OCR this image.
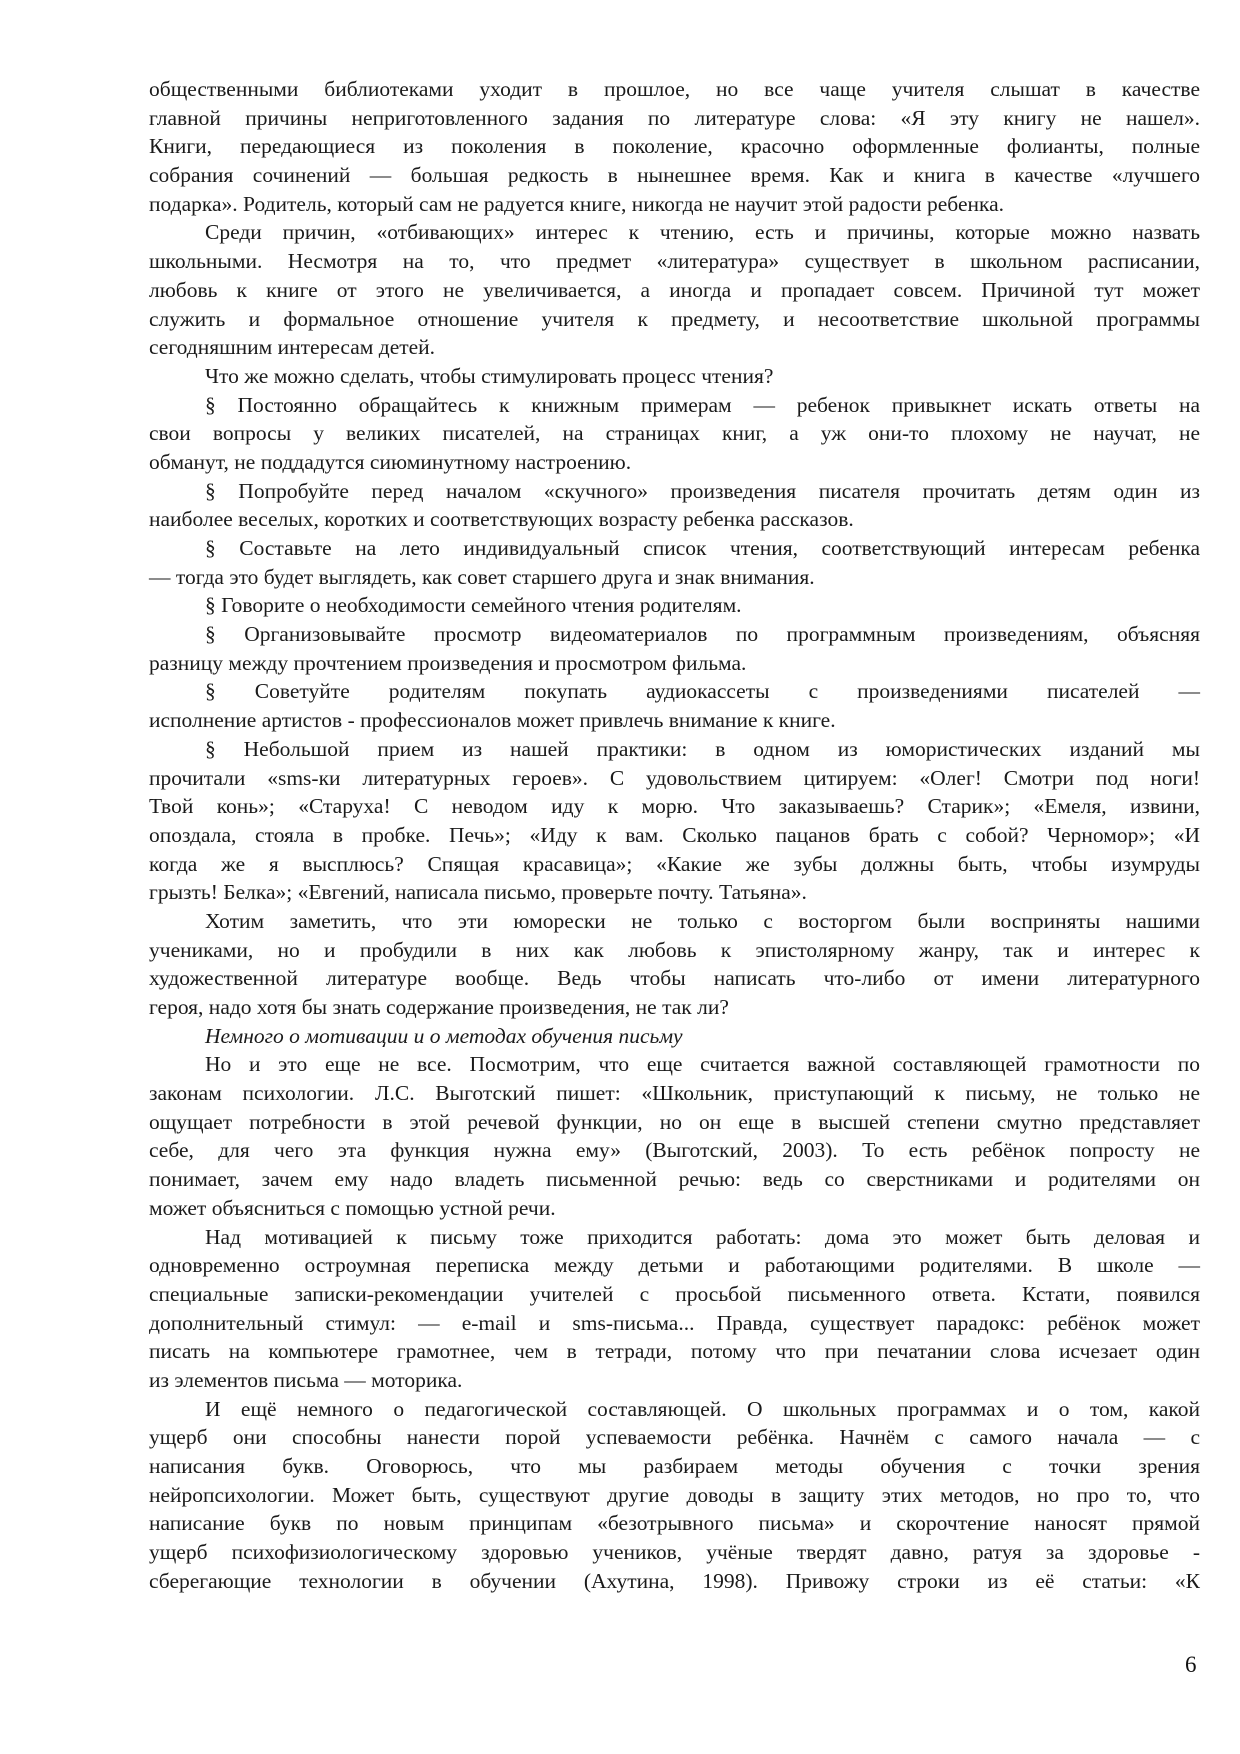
общественными библиотеками уходит в прошлое, но все чаще учителя слышат в качестве
главной причины неприготовленного задания по литературе слова: «Я эту книгу не нашел».
Книги, передающиеся из поколения в поколение, красочно оформленные фолианты, полные
собрания сочинений — большая редкость в нынешнее время. Как и книга в качестве «лучшего
подарка». Родитель, который сам не радуется книге, никогда не научит этой радости ребенка.
Среди причин, «отбивающих» интерес к чтению, есть и причины, которые можно назвать
школьными. Несмотря на то, что предмет «литература» существует в школьном расписании,
любовь к книге от этого не увеличивается, а иногда и пропадает совсем. Причиной тут может
служить и формальное отношение учителя к предмету, и несоответствие школьной программы
сегодняшним интересам детей.
Что же можно сделать, чтобы стимулировать процесс чтения?
§ Постоянно обращайтесь к книжным примерам — ребенок привыкнет искать ответы на
свои вопросы у великих писателей, на страницах книг, а уж они-то плохому не научат, не
обманут, не поддадутся сиюминутному настроению.
§ Попробуйте перед началом «скучного» произведения писателя прочитать детям один из
наиболее веселых, коротких и соответствующих возрасту ребенка рассказов.
§ Составьте на лето индивидуальный список чтения, соответствующий интересам ребенка
— тогда это будет выглядеть, как совет старшего друга и знак внимания.
§ Говорите о необходимости семейного чтения родителям.
§ Организовывайте просмотр видеоматериалов по программным произведениям, объясняя
разницу между прочтением произведения и просмотром фильма.
§ Советуйте родителям покупать аудиокассеты с произведениями писателей —
исполнение артистов - профессионалов может привлечь внимание к книге.
§ Небольшой прием из нашей практики: в одном из юмористических изданий мы
прочитали «sms-ки литературных героев». С удовольствием цитируем: «Олег! Смотри под ноги!
Твой конь»; «Старуха! С неводом иду к морю. Что заказываешь? Старик»; «Емеля, извини,
опоздала, стояла в пробке. Печь»; «Иду к вам. Сколько пацанов брать с собой? Черномор»; «И
когда же я высплюсь? Спящая красавица»; «Какие же зубы должны быть, чтобы изумруды
грызть! Белка»; «Евгений, написала письмо, проверьте почту. Татьяна».
Хотим заметить, что эти юморески не только с восторгом были восприняты нашими
учениками, но и пробудили в них как любовь к эпистолярному жанру, так и интерес к
художественной литературе вообще. Ведь чтобы написать что-либо от имени литературного
героя, надо хотя бы знать содержание произведения, не так ли?
Немного о мотивации и о методах обучения письму
Но и это еще не все. Посмотрим, что еще считается важной составляющей грамотности по
законам психологии. Л.С. Выготский пишет: «Школьник, приступающий к письму, не только не
ощущает потребности в этой речевой функции, но он еще в высшей степени смутно представляет
себе, для чего эта функция нужна ему» (Выготский, 2003). То есть ребёнок попросту не
понимает, зачем ему надо владеть письменной речью: ведь со сверстниками и родителями он
может объясниться с помощью устной речи.
Над мотивацией к письму тоже приходится работать: дома это может быть деловая и
одновременно остроумная переписка между детьми и работающими родителями. В школе —
специальные записки-рекомендации учителей с просьбой письменного ответа. Кстати, появился
дополнительный стимул: — e-mail и sms-письма... Правда, существует парадокс: ребёнок может
писать на компьютере грамотнее, чем в тетради, потому что при печатании слова исчезает один
из элементов письма — моторика.
И ещё немного о педагогической составляющей. О школьных программах и о том, какой
ущерб они способны нанести порой успеваемости ребёнка. Начнём с самого начала — с
написания букв. Оговорюсь, что мы разбираем методы обучения с точки зрения
нейропсихологии. Может быть, существуют другие доводы в защиту этих методов, но про то, что
написание букв по новым принципам «безотрывного письма» и скорочтение наносят прямой
ущерб психофизиологическому здоровью учеников, учёные твердят давно, ратуя за здоровье -
сберегающие технологии в обучении (Ахутина, 1998). Привожу строки из её статьи: «К
6
